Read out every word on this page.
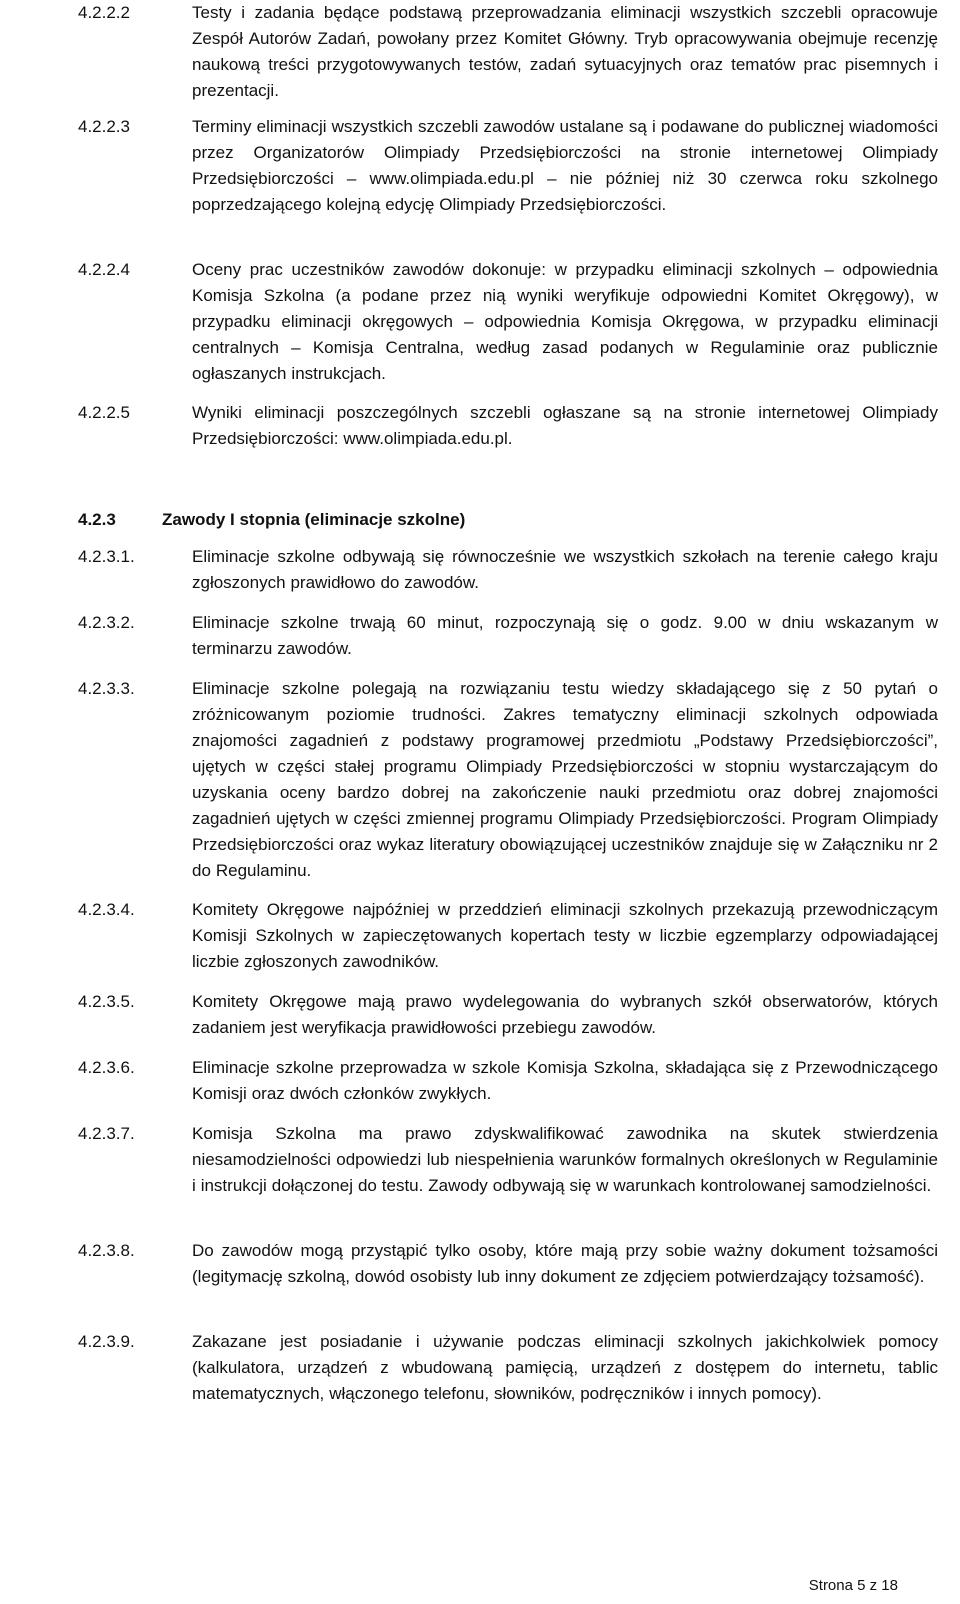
4.2.2.2	Testy i zadania będące podstawą przeprowadzania eliminacji wszystkich szczebli opracowuje Zespół Autorów Zadań, powołany przez Komitet Główny. Tryb opracowywania obejmuje recenzję naukową treści przygotowywanych testów, zadań sytuacyjnych oraz tematów prac pisemnych i prezentacji.
4.2.2.3	Terminy eliminacji wszystkich szczebli zawodów ustalane są i podawane do publicznej wiadomości przez Organizatorów Olimpiady Przedsiębiorczości na stronie internetowej Olimpiady Przedsiębiorczości – www.olimpiada.edu.pl – nie później niż 30 czerwca roku szkolnego poprzedzającego kolejną edycję Olimpiady Przedsiębiorczości.
4.2.2.4	Oceny prac uczestników zawodów dokonuje: w przypadku eliminacji szkolnych – odpowiednia Komisja Szkolna (a podane przez nią wyniki weryfikuje odpowiedni Komitet Okręgowy), w przypadku eliminacji okręgowych – odpowiednia Komisja Okręgowa, w przypadku eliminacji centralnych – Komisja Centralna, według zasad podanych w Regulaminie oraz publicznie ogłaszanych instrukcjach.
4.2.2.5	Wyniki eliminacji poszczególnych szczebli ogłaszane są na stronie internetowej Olimpiady Przedsiębiorczości: www.olimpiada.edu.pl.
4.2.3	Zawody I stopnia (eliminacje szkolne)
4.2.3.1.	Eliminacje szkolne odbywają się równocześnie we wszystkich szkołach na terenie całego kraju zgłoszonych prawidłowo do zawodów.
4.2.3.2.	Eliminacje szkolne trwają 60 minut, rozpoczynają się o godz. 9.00 w dniu wskazanym w terminarzu zawodów.
4.2.3.3.	Eliminacje szkolne polegają na rozwiązaniu testu wiedzy składającego się z 50 pytań o zróżnicowanym poziomie trudności. Zakres tematyczny eliminacji szkolnych odpowiada znajomości zagadnień z podstawy programowej przedmiotu „Podstawy Przedsiębiorczości”, ujętych w części stałej programu Olimpiady Przedsiębiorczości w stopniu wystarczającym do uzyskania oceny bardzo dobrej na zakończenie nauki przedmiotu oraz dobrej znajomości zagadnień ujętych w części zmiennej programu Olimpiady Przedsiębiorczości. Program Olimpiady Przedsiębiorczości oraz wykaz literatury obowiązującej uczestników znajduje się w Załączniku nr 2 do Regulaminu.
4.2.3.4.	Komitety Okręgowe najpóźniej w przeddzień eliminacji szkolnych przekazują przewodniczącym Komisji Szkolnych w zapieczętowanych kopertach testy w liczbie egzemplarzy odpowiadającej liczbie zgłoszonych zawodników.
4.2.3.5.	Komitety Okręgowe mają prawo wydelegowania do wybranych szkół obserwatorów, których zadaniem jest weryfikacja prawidłowości przebiegu zawodów.
4.2.3.6.	Eliminacje szkolne przeprowadza w szkole Komisja Szkolna, składająca się z Przewodniczącego Komisji oraz dwóch członków zwykłych.
4.2.3.7.	Komisja Szkolna ma prawo zdyskwalifikować zawodnika na skutek stwierdzenia niesamodzielności odpowiedzi lub niespełnienia warunków formalnych określonych w Regulaminie i instrukcji dołączonej do testu. Zawody odbywają się w warunkach kontrolowanej samodzielności.
4.2.3.8.	Do zawodów mogą przystąpić tylko osoby, które mają przy sobie ważny dokument tożsamości (legitymację szkolną, dowód osobisty lub inny dokument ze zdjęciem potwierdzający tożsamość).
4.2.3.9.	Zakazane jest posiadanie i używanie podczas eliminacji szkolnych jakichkolwiek pomocy (kalkulatora, urządzeń z wbudowaną pamięcią, urządzeń z dostępem do internetu, tablic matematycznych, włączonego telefonu, słowników, podręczników i innych pomocy).
Strona 5 z 18
